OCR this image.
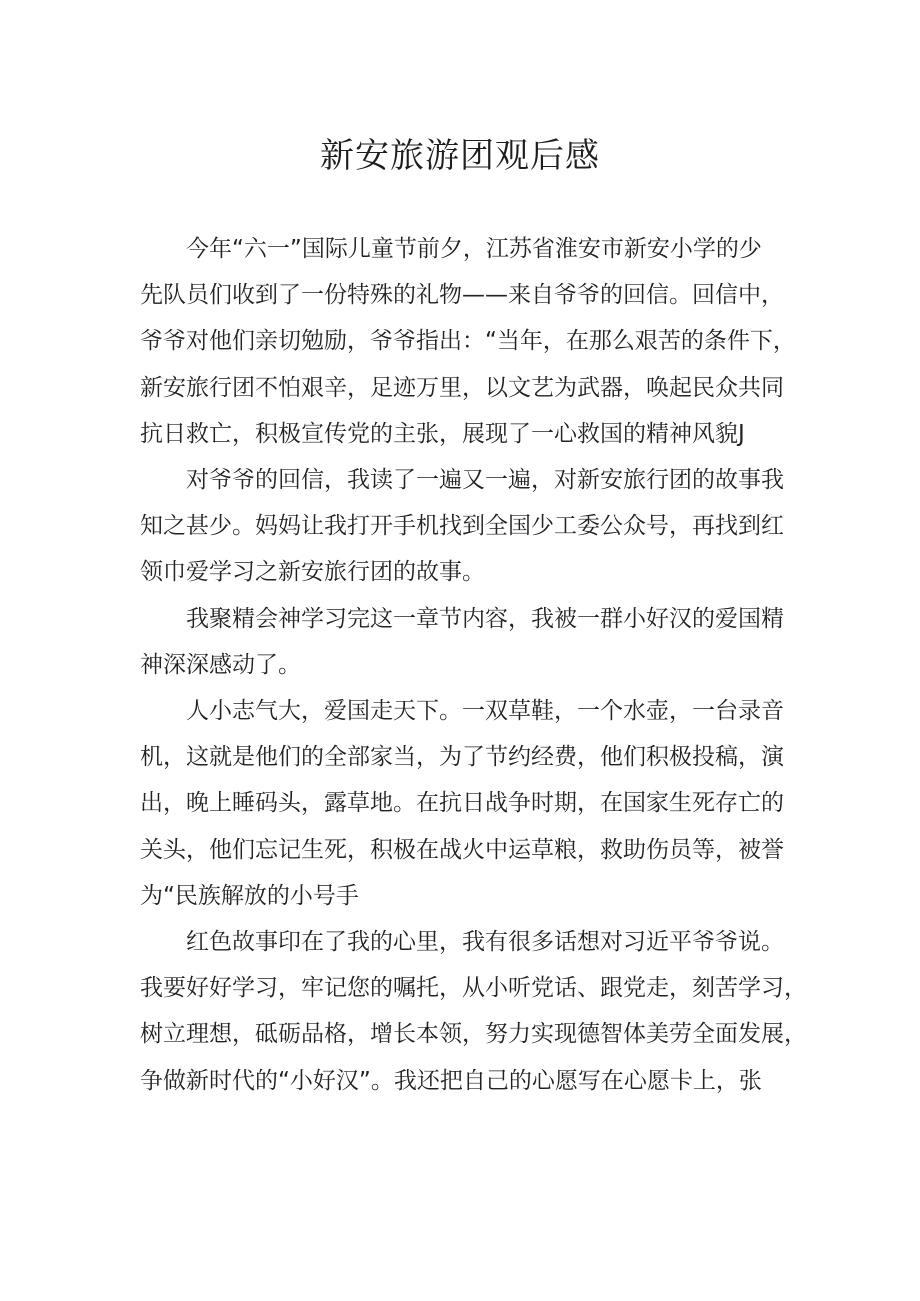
新安旅游团观后感

今年“六一”国际儿童节前夕，江苏省淮安市新安小学的少
先队员们收到了一份特殊的礼物——来自爷爷的回信。回信中，
爷爷对他们亲切勉励，爷爷指出：“当年，在那么艰苦的条件下，
新安旅行团不怕艰辛，足迹万里，以文艺为武器，唤起民众共同
抗日救亡，积极宣传党的主张，展现了一心救国的精神风貌J

对爷爷的回信，我读了一遍又一遍，对新安旅行团的故事我
知之甚少。妈妈让我打开手机找到全国少工委公众号，再找到红
领巾爱学习之新安旅行团的故事。

我聚精会神学习完这一章节内容，我被一群小好汉的爱国精
神深深感动了。

人小志气大，爱国走天下。一双草鞋，一个水壶，一台录音
机，这就是他们的全部家当，为了节约经费，他们积极投稿，演
出，晚上睡码头，露草地。在抗日战争时期，在国家生死存亡的
关头，他们忘记生死，积极在战火中运草粮，救助伤员等，被誉
为“民族解放的小号手

红色故事印在了我的心里，我有很多话想对习近平爷爷说。
我要好好学习，牢记您的嘱托，从小听党话、跟党走，刻苦学习，
树立理想，砥砺品格，增长本领，努力实现德智体美劳全面发展，
争做新时代的“小好汉”。我还把自己的心愿写在心愿卡上，张
